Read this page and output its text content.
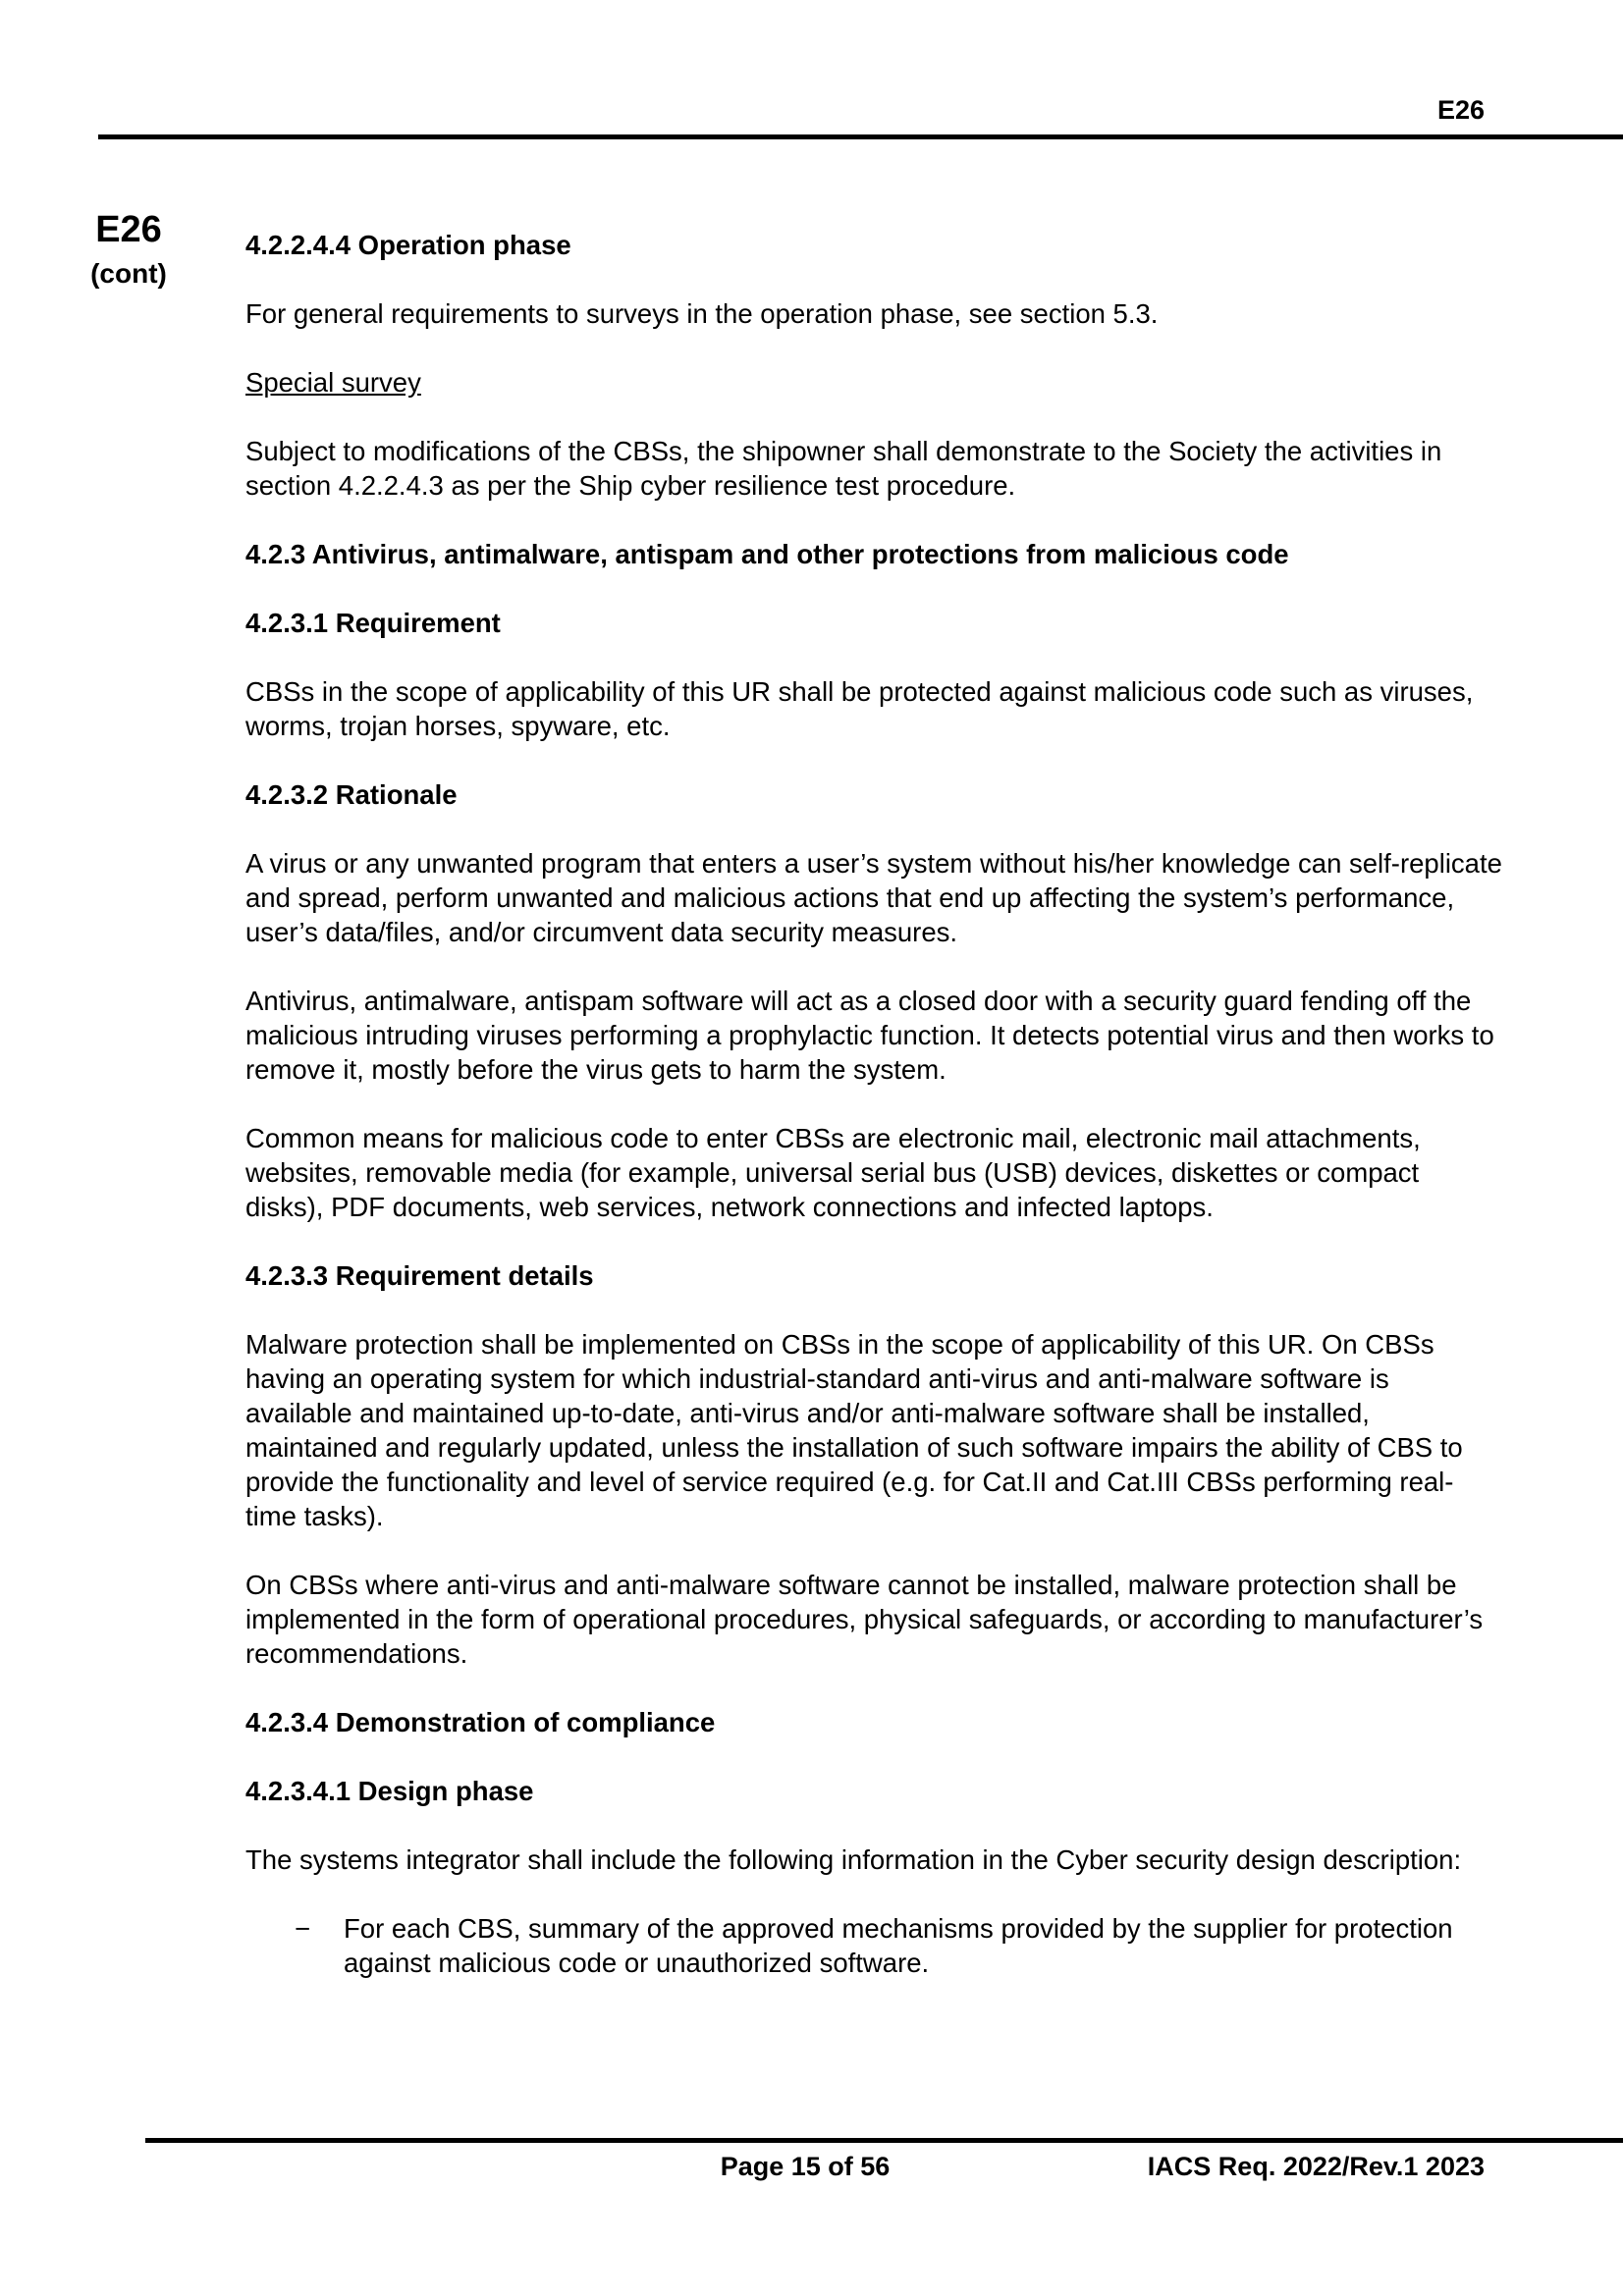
E26
E26
(cont)

4.2.2.4.4 Operation phase

For general requirements to surveys in the operation phase, see section 5.3.

Special survey

Subject to modifications of the CBSs, the shipowner shall demonstrate to the Society the activities in section 4.2.2.4.3 as per the Ship cyber resilience test procedure.

4.2.3 Antivirus, antimalware, antispam and other protections from malicious code

4.2.3.1 Requirement

CBSs in the scope of applicability of this UR shall be protected against malicious code such as viruses, worms, trojan horses, spyware, etc.

4.2.3.2 Rationale

A virus or any unwanted program that enters a user’s system without his/her knowledge can self-replicate and spread, perform unwanted and malicious actions that end up affecting the system’s performance, user’s data/files, and/or circumvent data security measures.

Antivirus, antimalware, antispam software will act as a closed door with a security guard fending off the malicious intruding viruses performing a prophylactic function. It detects potential virus and then works to remove it, mostly before the virus gets to harm the system.

Common means for malicious code to enter CBSs are electronic mail, electronic mail attachments, websites, removable media (for example, universal serial bus (USB) devices, diskettes or compact disks), PDF documents, web services, network connections and infected laptops.

4.2.3.3 Requirement details

Malware protection shall be implemented on CBSs in the scope of applicability of this UR. On CBSs having an operating system for which industrial-standard anti-virus and anti-malware software is available and maintained up-to-date, anti-virus and/or anti-malware software shall be installed, maintained and regularly updated, unless the installation of such software impairs the ability of CBS to provide the functionality and level of service required (e.g. for Cat.II and Cat.III CBSs performing real-time tasks).

On CBSs where anti-virus and anti-malware software cannot be installed, malware protection shall be implemented in the form of operational procedures, physical safeguards, or according to manufacturer’s recommendations.

4.2.3.4 Demonstration of compliance

4.2.3.4.1 Design phase

The systems integrator shall include the following information in the Cyber security design description:

−	For each CBS, summary of the approved mechanisms provided by the supplier for protection against malicious code or unauthorized software.
Page 15 of 56	IACS Req. 2022/Rev.1 2023
